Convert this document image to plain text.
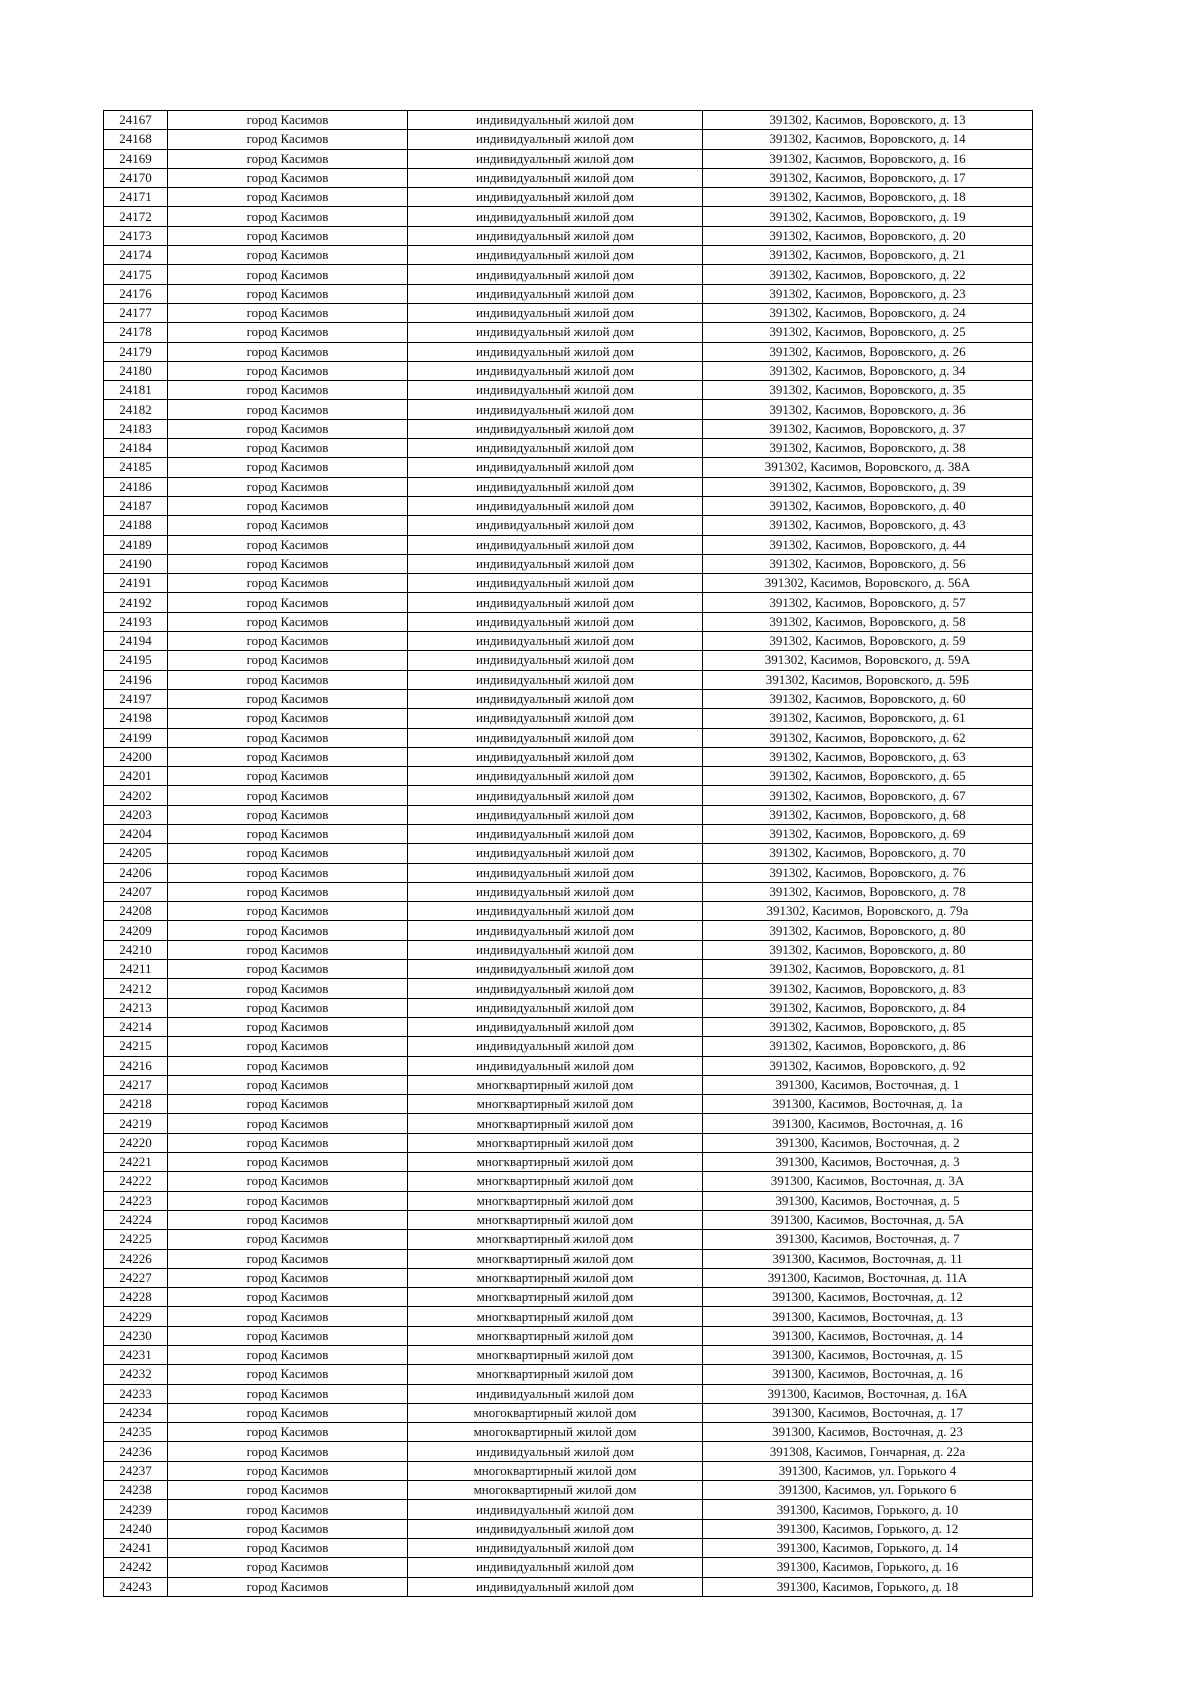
24167	город Касимов	индивидуальный жилой дом	391302, Касимов, Воровского, д. 13
24168	город Касимов	индивидуальный жилой дом	391302, Касимов, Воровского, д. 14
24169	город Касимов	индивидуальный жилой дом	391302, Касимов, Воровского, д. 16
24170	город Касимов	индивидуальный жилой дом	391302, Касимов, Воровского, д. 17
24171	город Касимов	индивидуальный жилой дом	391302, Касимов, Воровского, д. 18
24172	город Касимов	индивидуальный жилой дом	391302, Касимов, Воровского, д. 19
24173	город Касимов	индивидуальный жилой дом	391302, Касимов, Воровского, д. 20
24174	город Касимов	индивидуальный жилой дом	391302, Касимов, Воровского, д. 21
24175	город Касимов	индивидуальный жилой дом	391302, Касимов, Воровского, д. 22
24176	город Касимов	индивидуальный жилой дом	391302, Касимов, Воровского, д. 23
24177	город Касимов	индивидуальный жилой дом	391302, Касимов, Воровского, д. 24
24178	город Касимов	индивидуальный жилой дом	391302, Касимов, Воровского, д. 25
24179	город Касимов	индивидуальный жилой дом	391302, Касимов, Воровского, д. 26
24180	город Касимов	индивидуальный жилой дом	391302, Касимов, Воровского, д. 34
24181	город Касимов	индивидуальный жилой дом	391302, Касимов, Воровского, д. 35
24182	город Касимов	индивидуальный жилой дом	391302, Касимов, Воровского, д. 36
24183	город Касимов	индивидуальный жилой дом	391302, Касимов, Воровского, д. 37
24184	город Касимов	индивидуальный жилой дом	391302, Касимов, Воровского, д. 38
24185	город Касимов	индивидуальный жилой дом	391302, Касимов, Воровского, д. 38А
24186	город Касимов	индивидуальный жилой дом	391302, Касимов, Воровского, д. 39
24187	город Касимов	индивидуальный жилой дом	391302, Касимов, Воровского, д. 40
24188	город Касимов	индивидуальный жилой дом	391302, Касимов, Воровского, д. 43
24189	город Касимов	индивидуальный жилой дом	391302, Касимов, Воровского, д. 44
24190	город Касимов	индивидуальный жилой дом	391302, Касимов, Воровского, д. 56
24191	город Касимов	индивидуальный жилой дом	391302, Касимов, Воровского, д. 56А
24192	город Касимов	индивидуальный жилой дом	391302, Касимов, Воровского, д. 57
24193	город Касимов	индивидуальный жилой дом	391302, Касимов, Воровского, д. 58
24194	город Касимов	индивидуальный жилой дом	391302, Касимов, Воровского, д. 59
24195	город Касимов	индивидуальный жилой дом	391302, Касимов, Воровского, д. 59А
24196	город Касимов	индивидуальный жилой дом	391302, Касимов, Воровского, д. 59Б
24197	город Касимов	индивидуальный жилой дом	391302, Касимов, Воровского, д. 60
24198	город Касимов	индивидуальный жилой дом	391302, Касимов, Воровского, д. 61
24199	город Касимов	индивидуальный жилой дом	391302, Касимов, Воровского, д. 62
24200	город Касимов	индивидуальный жилой дом	391302, Касимов, Воровского, д. 63
24201	город Касимов	индивидуальный жилой дом	391302, Касимов, Воровского, д. 65
24202	город Касимов	индивидуальный жилой дом	391302, Касимов, Воровского, д. 67
24203	город Касимов	индивидуальный жилой дом	391302, Касимов, Воровского, д. 68
24204	город Касимов	индивидуальный жилой дом	391302, Касимов, Воровского, д. 69
24205	город Касимов	индивидуальный жилой дом	391302, Касимов, Воровского, д. 70
24206	город Касимов	индивидуальный жилой дом	391302, Касимов, Воровского, д. 76
24207	город Касимов	индивидуальный жилой дом	391302, Касимов, Воровского, д. 78
24208	город Касимов	индивидуальный жилой дом	391302, Касимов, Воровского, д. 79а
24209	город Касимов	индивидуальный жилой дом	391302, Касимов, Воровского, д. 80
24210	город Касимов	индивидуальный жилой дом	391302, Касимов, Воровского, д. 80
24211	город Касимов	индивидуальный жилой дом	391302, Касимов, Воровского, д. 81
24212	город Касимов	индивидуальный жилой дом	391302, Касимов, Воровского, д. 83
24213	город Касимов	индивидуальный жилой дом	391302, Касимов, Воровского, д. 84
24214	город Касимов	индивидуальный жилой дом	391302, Касимов, Воровского, д. 85
24215	город Касимов	индивидуальный жилой дом	391302, Касимов, Воровского, д. 86
24216	город Касимов	индивидуальный жилой дом	391302, Касимов, Воровского, д. 92
24217	город Касимов	многквартирный жилой дом	391300, Касимов, Восточная, д. 1
24218	город Касимов	многквартирный жилой дом	391300, Касимов, Восточная, д. 1а
24219	город Касимов	многквартирный жилой дом	391300, Касимов, Восточная, д. 16
24220	город Касимов	многквартирный жилой дом	391300, Касимов, Восточная, д. 2
24221	город Касимов	многквартирный жилой дом	391300, Касимов, Восточная, д. 3
24222	город Касимов	многквартирный жилой дом	391300, Касимов, Восточная, д. 3А
24223	город Касимов	многквартирный жилой дом	391300, Касимов, Восточная, д. 5
24224	город Касимов	многквартирный жилой дом	391300, Касимов, Восточная, д. 5А
24225	город Касимов	многквартирный жилой дом	391300, Касимов, Восточная, д. 7
24226	город Касимов	многквартирный жилой дом	391300, Касимов, Восточная, д. 11
24227	город Касимов	многквартирный жилой дом	391300, Касимов, Восточная, д. 11А
24228	город Касимов	многквартирный жилой дом	391300, Касимов, Восточная, д. 12
24229	город Касимов	многквартирный жилой дом	391300, Касимов, Восточная, д. 13
24230	город Касимов	многквартирный жилой дом	391300, Касимов, Восточная, д. 14
24231	город Касимов	многквартирный жилой дом	391300, Касимов, Восточная, д. 15
24232	город Касимов	многквартирный жилой дом	391300, Касимов, Восточная, д. 16
24233	город Касимов	индивидуальный жилой дом	391300, Касимов, Восточная, д. 16А
24234	город Касимов	многоквартирный жилой дом	391300, Касимов, Восточная, д. 17
24235	город Касимов	многоквартирный жилой дом	391300, Касимов, Восточная, д. 23
24236	город Касимов	индивидуальный жилой дом	391308, Касимов, Гончарная, д. 22а
24237	город Касимов	многоквартирный жилой дом	391300, Касимов, ул. Горького 4
24238	город Касимов	многоквартирный жилой дом	391300, Касимов, ул. Горького 6
24239	город Касимов	индивидуальный жилой дом	391300, Касимов, Горького, д. 10
24240	город Касимов	индивидуальный жилой дом	391300, Касимов, Горького, д. 12
24241	город Касимов	индивидуальный жилой дом	391300, Касимов, Горького, д. 14
24242	город Касимов	индивидуальный жилой дом	391300, Касимов, Горького, д. 16
24243	город Касимов	индивидуальный жилой дом	391300, Касимов, Горького, д. 18
